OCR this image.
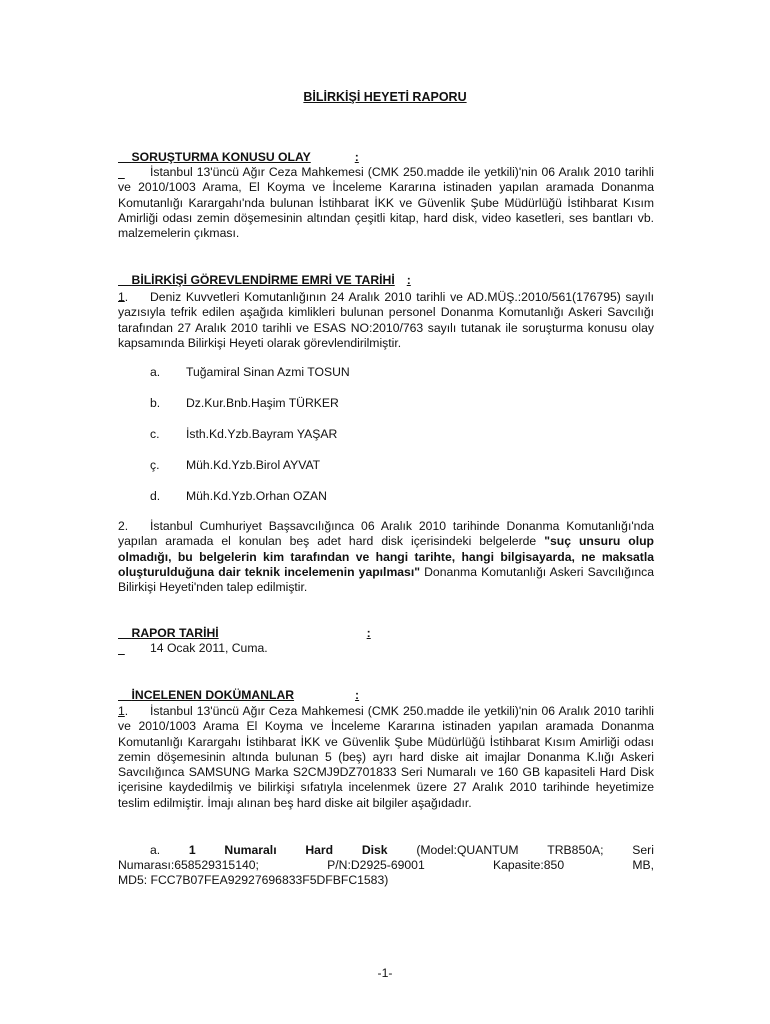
BİLİRKİŞİ HEYETİ RAPORU

SORUŞTURMA KONUSU OLAY	:

İstanbul 13'üncü Ağır Ceza Mahkemesi (CMK 250.madde ile yetkili)'nin 06 Aralık 2010 tarihli ve 2010/1003 Arama, El Koyma ve İnceleme Kararına istinaden yapılan aramada Donanma Komutanlığı Karargahı'nda bulunan İstihbarat İKK ve Güvenlik Şube Müdürlüğü İstihbarat Kısım Amirliği odası zemin döşemesinin altından çeşitli kitap, hard disk, video kasetleri, ses bantları vb. malzemelerin çıkması.

BİLİRKİŞİ GÖREVLENDİRME EMRİ VE TARİHİ :

1. Deniz Kuvvetleri Komutanlığının 24 Aralık 2010 tarihli ve AD.MÜŞ.:2010/561(176795) sayılı yazısıyla tefrik edilen aşağıda kimlikleri bulunan personel Donanma Komutanlığı Askeri Savcılığı tarafından 27 Aralık 2010 tarihli ve ESAS NO:2010/763 sayılı tutanak ile soruşturma konusu olay kapsamında Bilirkişi Heyeti olarak görevlendirilmiştir.
a. Tuğamiral Sinan Azmi TOSUN
b. Dz.Kur.Bnb.Haşim TÜRKER
c. İsth.Kd.Yzb.Bayram YAŞAR
ç. Müh.Kd.Yzb.Birol AYVAT
d. Müh.Kd.Yzb.Orhan OZAN
2. İstanbul Cumhuriyet Başsavcılığınca 06 Aralık 2010 tarihinde Donanma Komutanlığı'nda yapılan aramada el konulan beş adet hard disk içerisindeki belgelerde "suç unsuru olup olmadığı, bu belgelerin kim tarafından ve hangi tarihte, hangi bilgisayarda, ne maksatla oluşturulduğuna dair teknik incelemenin yapılması" Donanma Komutanlığı Askeri Savcılığınca Bilirkişi Heyeti'nden talep edilmiştir.

RAPOR TARİHİ	:

14 Ocak 2011, Cuma.

İNCELENEN DOKÜMANLAR	:

1. İstanbul 13'üncü Ağır Ceza Mahkemesi (CMK 250.madde ile yetkili)'nin 06 Aralık 2010 tarihli ve 2010/1003 Arama El Koyma ve İnceleme Kararına istinaden yapılan aramada Donanma Komutanlığı Karargahı İstihbarat İKK ve Güvenlik Şube Müdürlüğü İstihbarat Kısım Amirliği odası zemin döşemesinin altında bulunan 5 (beş) ayrı hard diske ait imajlar Donanma K.lığı Askeri Savcılığınca SAMSUNG Marka S2CMJ9DZ701833 Seri Numaralı ve 160 GB kapasiteli Hard Disk içerisine kaydedilmiş ve bilirkişi sıfatıyla incelenmek üzere 27 Aralık 2010 tarihinde heyetimize teslim edilmiştir. İmajı alınan beş hard diske ait bilgiler aşağıdadır.
a. 1 Numaralı Hard Disk (Model:QUANTUM TRB850A; Seri
Numarası:658529315140;	P/N:D2925-69001	Kapasite:850	MB,
MD5: FCC7B07FEA92927696833F5DFBFC1583)
-1-
